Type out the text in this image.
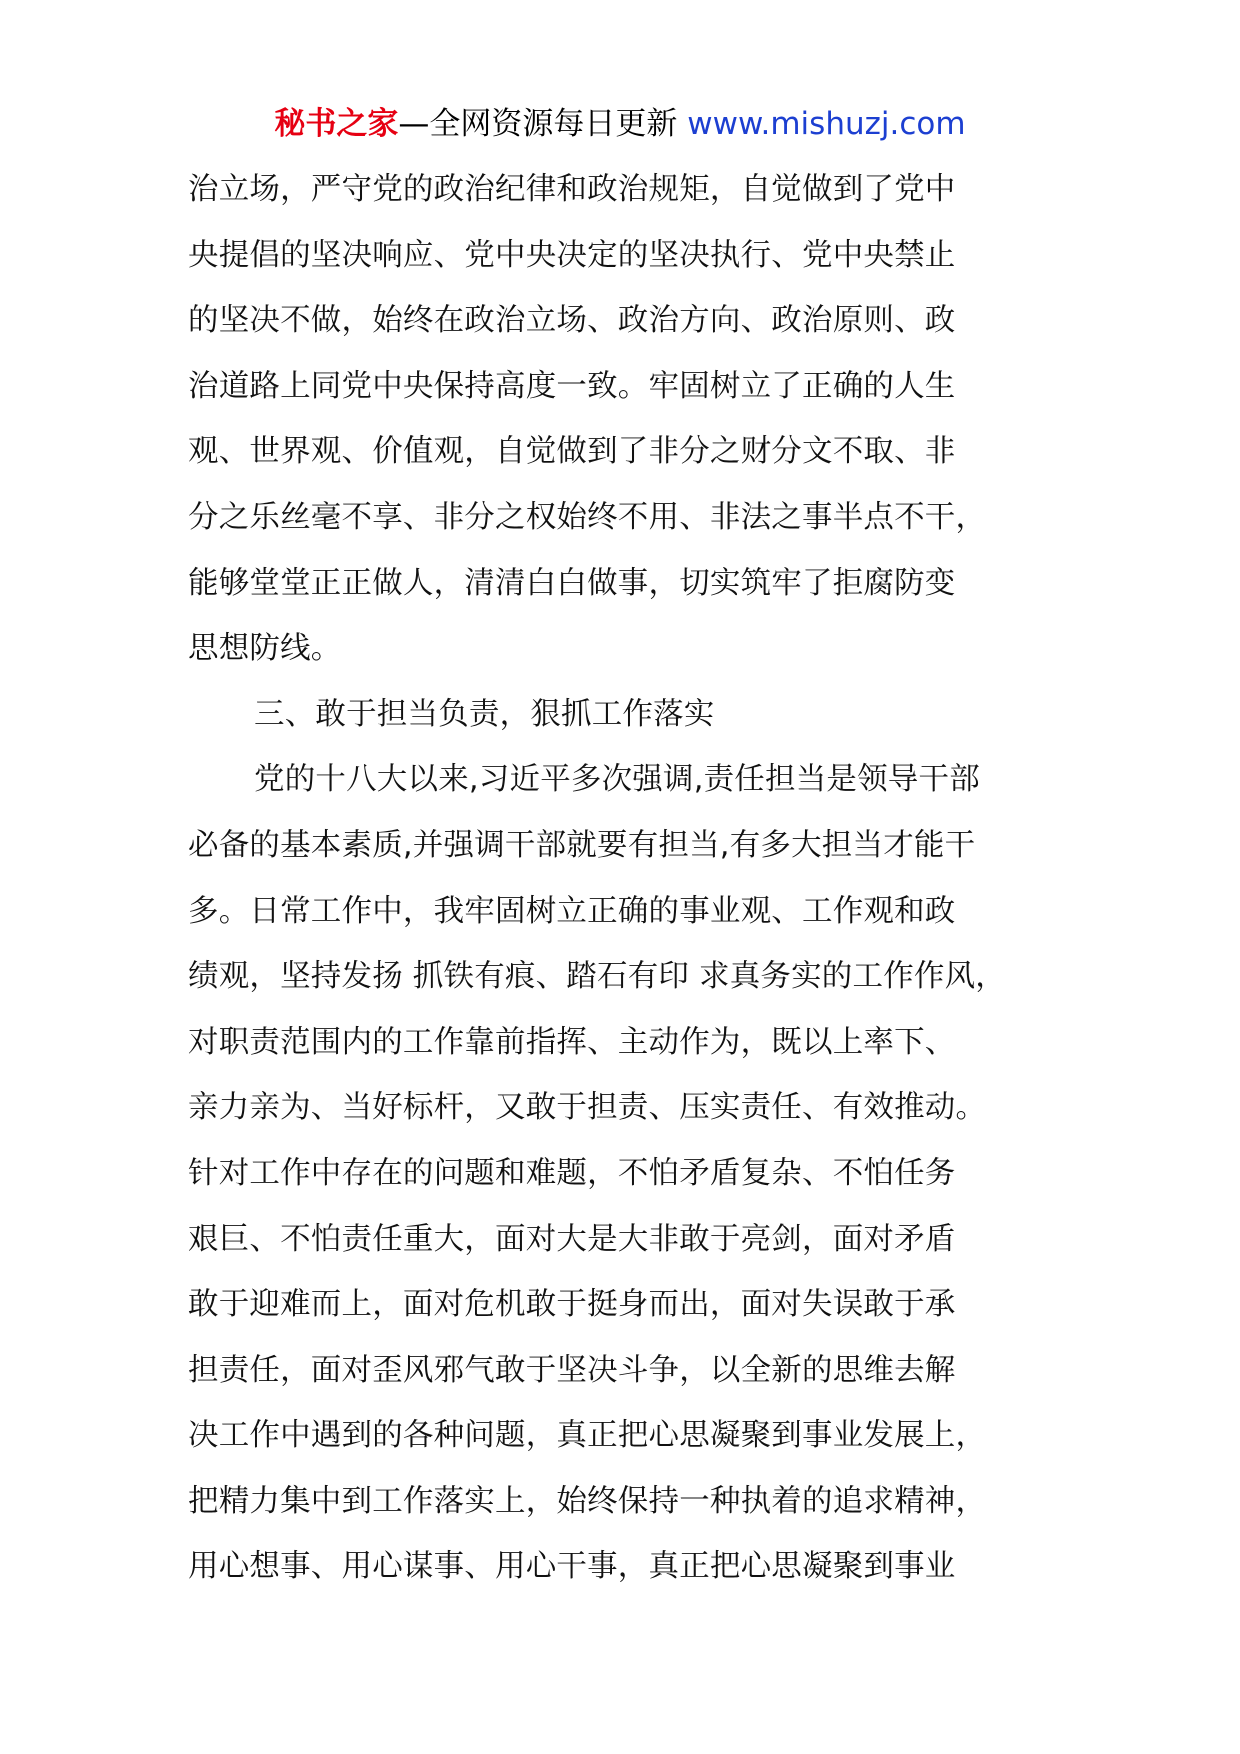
秘书之家—全网资源每日更新 www.mishuzj.com
治立场，严守党的政治纪律和政治规矩，自觉做到了党中
央提倡的坚决响应、党中央决定的坚决执行、党中央禁止
的坚决不做，始终在政治立场、政治方向、政治原则、政
治道路上同党中央保持高度一致。牢固树立了正确的人生
观、世界观、价值观，自觉做到了非分之财分文不取、非
分之乐丝毫不享、非分之权始终不用、非法之事半点不干，
能够堂堂正正做人，清清白白做事，切实筑牢了拒腐防变
思想防线。
三、敢于担当负责，狠抓工作落实
党的十八大以来,习近平多次强调,责任担当是领导干部
必备的基本素质,并强调干部就要有担当,有多大担当才能干
多。日常工作中，我牢固树立正确的事业观、工作观和政
绩观，坚持发扬 抓铁有痕、踏石有印 求真务实的工作作风，
对职责范围内的工作靠前指挥、主动作为，既以上率下、
亲力亲为、当好标杆，又敢于担责、压实责任、有效推动。
针对工作中存在的问题和难题，不怕矛盾复杂、不怕任务
艰巨、不怕责任重大，面对大是大非敢于亮剑，面对矛盾
敢于迎难而上，面对危机敢于挺身而出，面对失误敢于承
担责任，面对歪风邪气敢于坚决斗争，以全新的思维去解
决工作中遇到的各种问题，真正把心思凝聚到事业发展上，
把精力集中到工作落实上，始终保持一种执着的追求精神，
用心想事、用心谋事、用心干事，真正把心思凝聚到事业
